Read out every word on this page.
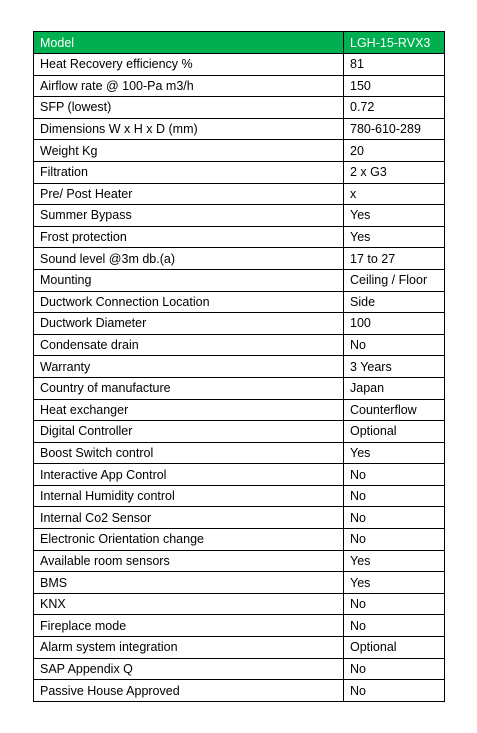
Model	LGH-15-RVX3
Heat Recovery efficiency %	81
Airflow rate @ 100-Pa m3/h	150
SFP (lowest)	0.72
Dimensions W x H x D (mm)	780-610-289
Weight Kg	20
Filtration	2 x G3
Pre/ Post Heater	x
Summer Bypass	Yes
Frost protection	Yes
Sound level @3m db.(a)	17 to 27
Mounting	Ceiling / Floor
Ductwork Connection Location	Side
Ductwork Diameter	100
Condensate drain	No
Warranty	3 Years
Country of manufacture	Japan
Heat exchanger	Counterflow
Digital Controller	Optional
Boost Switch control	Yes
Interactive App Control	No
Internal Humidity control	No
Internal Co2 Sensor	No
Electronic Orientation change	No
Available room sensors	Yes
BMS	Yes
KNX	No
Fireplace mode	No
Alarm system integration	Optional
SAP Appendix Q	No
Passive House Approved	No
